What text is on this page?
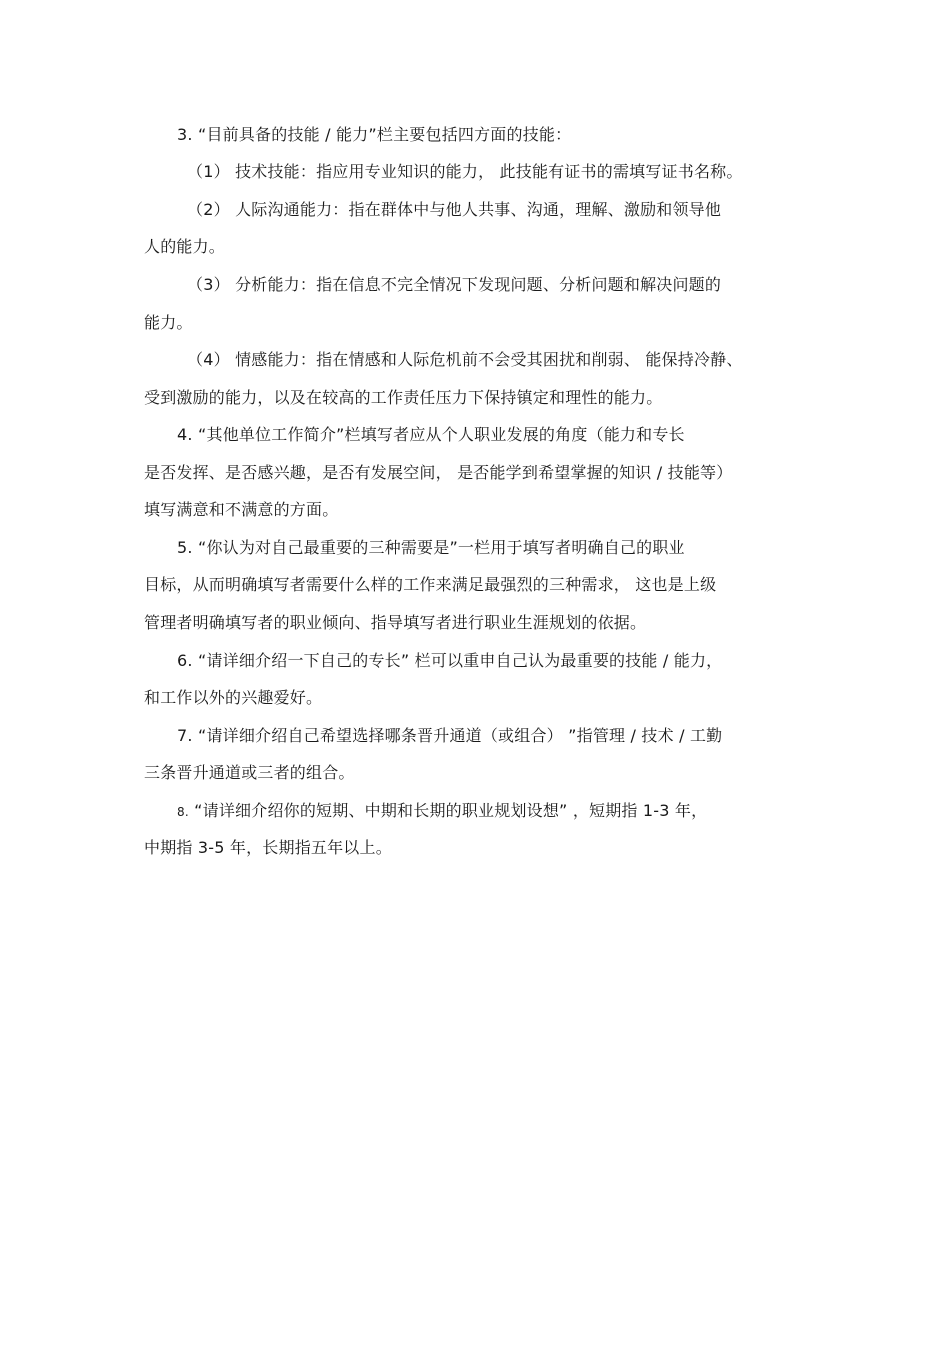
3. “目前具备的技能 / 能力”栏主要包括四方面的技能：
（1） 技术技能：指应用专业知识的能力， 此技能有证书的需填写证书名称。
（2） 人际沟通能力：指在群体中与他人共事、沟通，理解、激励和领导他
人的能力。
（3） 分析能力：指在信息不完全情况下发现问题、分析问题和解决问题的
能力。
（4） 情感能力：指在情感和人际危机前不会受其困扰和削弱、 能保持冷静、
受到激励的能力，以及在较高的工作责任压力下保持镇定和理性的能力。
4. “其他单位工作简介”栏填写者应从个人职业发展的角度（能力和专长
是否发挥、是否感兴趣，是否有发展空间， 是否能学到希望掌握的知识 / 技能等）
填写满意和不满意的方面。
5. “你认为对自己最重要的三种需要是”一栏用于填写者明确自己的职业
目标，从而明确填写者需要什么样的工作来满足最强烈的三种需求， 这也是上级
管理者明确填写者的职业倾向、指导填写者进行职业生涯规划的依据。
6. “请详细介绍一下自己的专长” 栏可以重申自己认为最重要的技能 / 能力，
和工作以外的兴趣爱好。
7. “请详细介绍自己希望选择哪条晋升通道（或组合） ”指管理 / 技术 / 工勤
三条晋升通道或三者的组合。
8. “请详细介绍你的短期、中期和长期的职业规划设想” ，短期指 1-3 年，
中期指 3-5 年，长期指五年以上。
